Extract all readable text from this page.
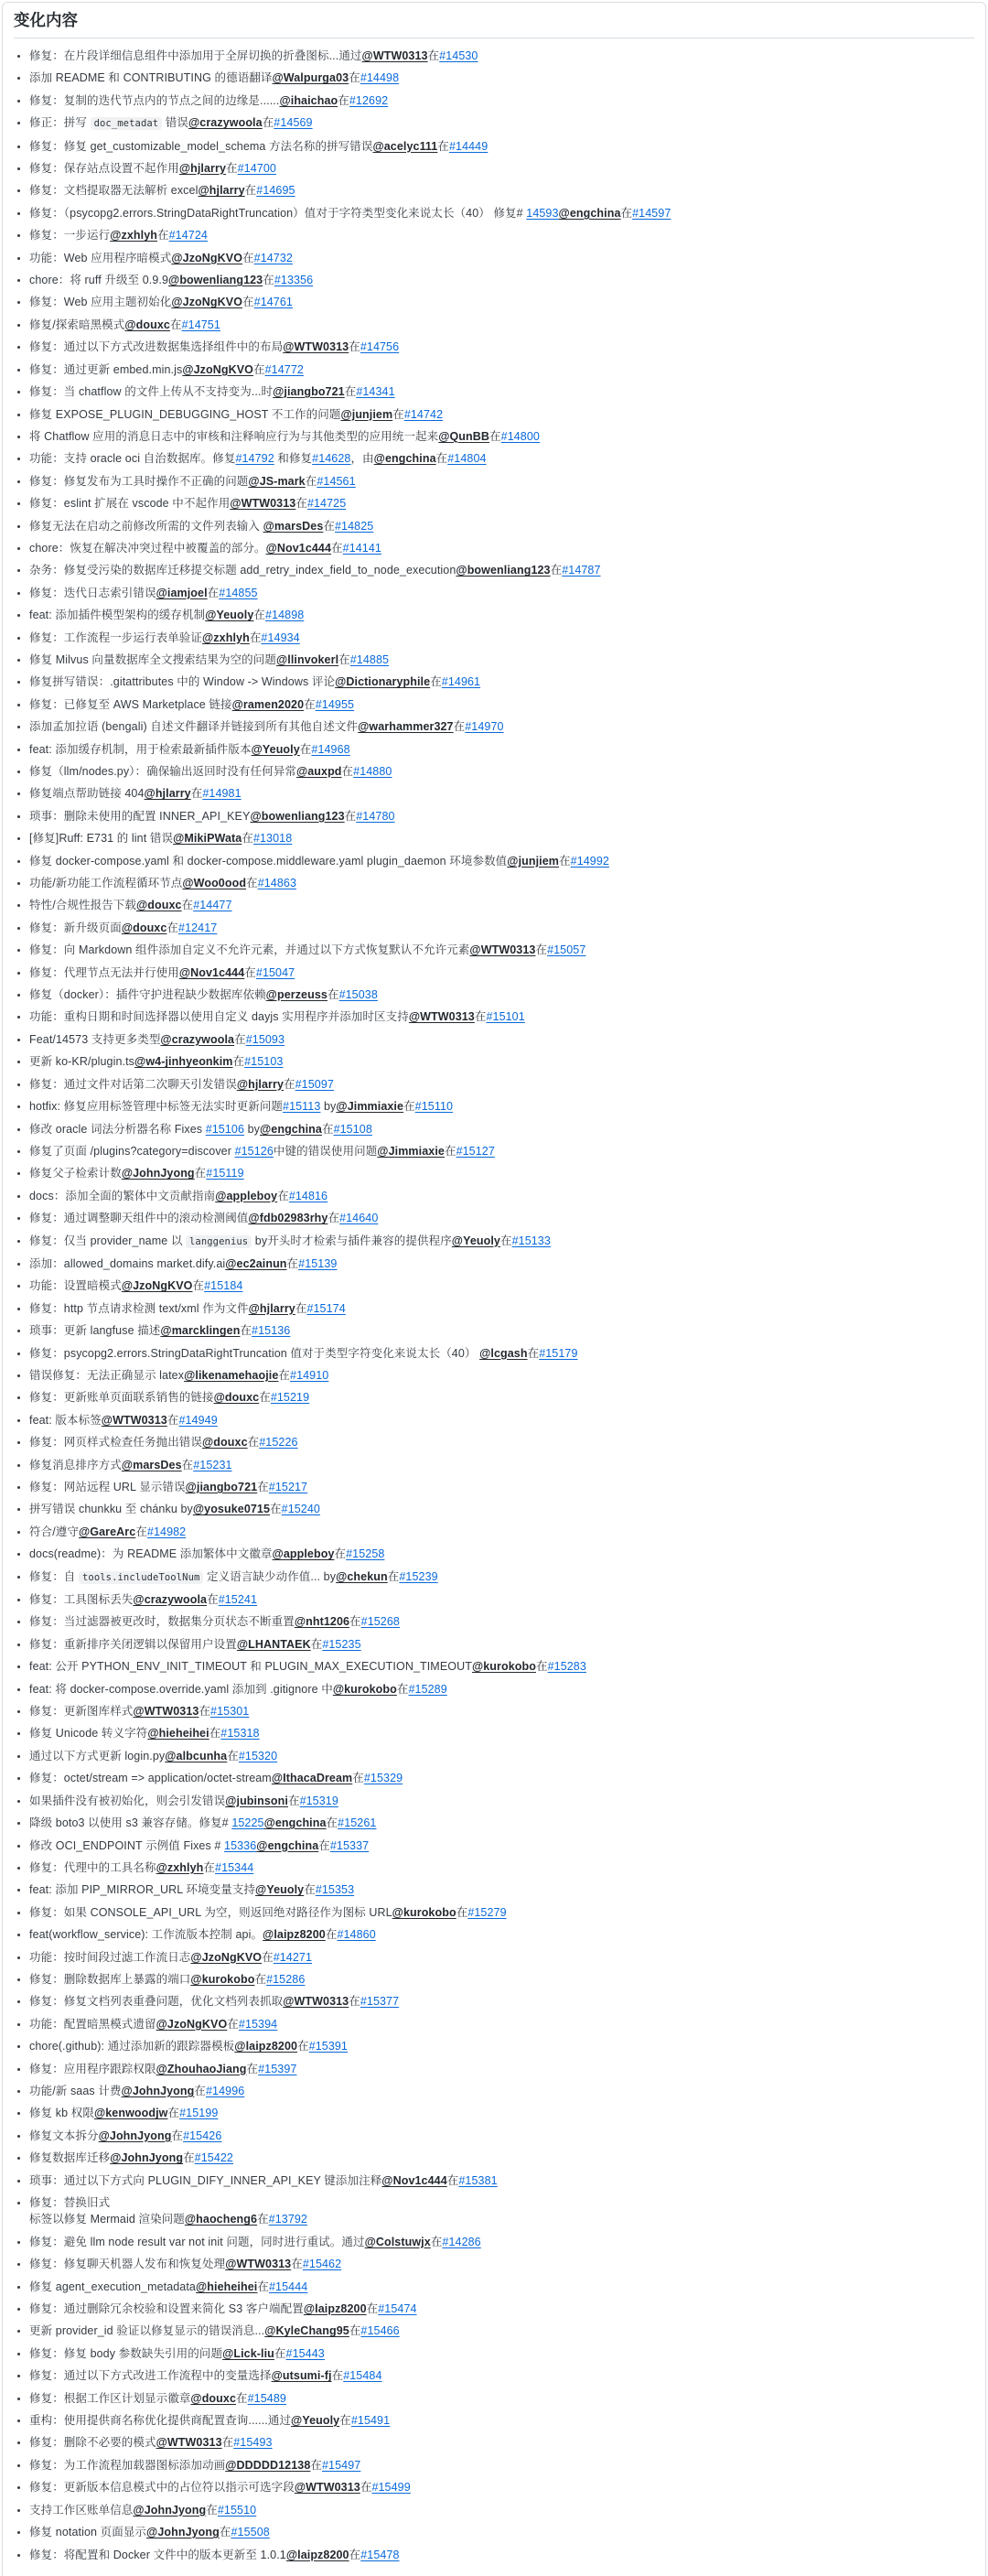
变化内容
• 修复：在片段详细信息组件中添加用于全屏切换的折叠图标...通过@WTW0313在#14530
• 添加 README 和 CONTRIBUTING 的德语翻译@Walpurga03在#14498
• 修复：复制的迭代节点内的节点之间的边缘是......@ihaichao在#12692
• 修正：拼写 doc_metadat 错误@crazywoola在#14569
• 修复：修复 get_customizable_model_schema 方法名称的拼写错误@acelyc111在#14449
• 修复：保存站点设置不起作用@hjlarry在#14700
• 修复：文档提取器无法解析 excel@hjlarry在#14695
• 修复：（psycopg2.errors.StringDataRightTruncation）值对于字符类型变化来说太长（40） 修复# 14593@engchina在#14597
• 修复：一步运行@zxhlyh在#14724
• 功能：Web 应用程序暗模式@JzoNgKVO在#14732
• chore：将 ruff 升级至 0.9.9@bowenliang123在#13356
• 修复：Web 应用主题初始化@JzoNgKVO在#14761
• 修复/探索暗黑模式@douxc在#14751
• 修复：通过以下方式改进数据集选择组件中的布局@WTW0313在#14756
• 修复：通过更新 embed.min.js@JzoNgKVO在#14772
• 修复：当 chatflow 的文件上传从不支持变为...时@jiangbo721在#14341
• 修复 EXPOSE_PLUGIN_DEBUGGING_HOST 不工作的问题@junjiem在#14742
• 将 Chatflow 应用的消息日志中的审核和注释响应行为与其他类型的应用统一起来@QunBB在#14800
• 功能：支持 oracle oci 自治数据库。修复#14792 和修复#14628，由@engchina在#14804
• 修复：修复发布为工具时操作不正确的问题@JS-mark在#14561
• 修复：eslint 扩展在 vscode 中不起作用@WTW0313在#14725
• 修复无法在启动之前修改所需的文件列表输入 @marsDes在#14825
• chore：恢复在解决冲突过程中被覆盖的部分。@Nov1c444在#14141
• 杂务：修复受污染的数据库迁移提交标题 add_retry_index_field_to_node_execution@bowenliang123在#14787
• 修复：迭代日志索引错误@iamjoel在#14855
• feat: 添加插件模型架构的缓存机制@Yeuoly在#14898
• 修复：工作流程一步运行表单验证@zxhlyh在#14934
• 修复 Milvus 向量数据库全文搜索结果为空的问题@llinvokerl在#14885
• 修复拼写错误：.gitattributes 中的 Window -> Windows 评论@Dictionaryphile在#14961
• 修复：已修复至 AWS Marketplace 链接@ramen2020在#14955
• 添加孟加拉语 (bengali) 自述文件翻译并链接到所有其他自述文件@warhammer327在#14970
• feat: 添加缓存机制，用于检索最新插件版本@Yeuoly在#14968
• 修复（llm/nodes.py）：确保输出返回时没有任何异常@auxpd在#14880
• 修复端点帮助链接 404@hjlarry在#14981
• 琐事：删除未使用的配置 INNER_API_KEY@bowenliang123在#14780
• [修复]Ruff: E731 的 lint 错误@MikiPWata在#13018
• 修复 docker-compose.yaml 和 docker-compose.middleware.yaml plugin_daemon 环境参数值@junjiem在#14992
• 功能/新功能工作流程循环节点@Woo0ood在#14863
• 特性/合规性报告下载@douxc在#14477
• 修复：新升级页面@douxc在#12417
• 修复：向 Markdown 组件添加自定义不允许元素，并通过以下方式恢复默认不允许元素@WTW0313在#15057
• 修复：代理节点无法并行使用@Nov1c444在#15047
• 修复（docker）：插件守护进程缺少数据库依赖@perzeuss在#15038
• 功能：重构日期和时间选择器以使用自定义 dayjs 实用程序并添加时区支持@WTW0313在#15101
• Feat/14573 支持更多类型@crazywoola在#15093
• 更新 ko-KR/plugin.ts@w4-jinhyeonkim在#15103
• 修复：通过文件对话第二次聊天引发错误@hjlarry在#15097
• hotfix: 修复应用标签管理中标签无法实时更新问题#15113 by@Jimmiaxie在#15110
• 修改 oracle 词法分析器名称 Fixes #15106 by@engchina在#15108
• 修复了页面 /plugins?category=discover #15126中键的错误使用问题@Jimmiaxie在#15127
• 修复父子检索计数@JohnJyong在#15119
• docs：添加全面的繁体中文贡献指南@appleboy在#14816
• 修复：通过调整聊天组件中的滚动检测阈值@fdb02983rhy在#14640
• 修复：仅当 provider_name 以 langgenius by开头时才检索与插件兼容的提供程序@Yeuoly在#15133
• 添加：allowed_domains market.dify.ai@ec2ainun在#15139
• 功能：设置暗模式@JzoNgKVO在#15184
• 修复：http 节点请求检测 text/xml 作为文件@hjlarry在#15174
• 琐事：更新 langfuse 描述@marcklingen在#15136
• 修复：psycopg2.errors.StringDataRightTruncation 值对于类型字符变化来说太长（40） @lcgash在#15179
• 错误修复：无法正确显示 latex@likenamehaojie在#14910
• 修复：更新账单页面联系销售的链接@douxc在#15219
• feat: 版本标签@WTW0313在#14949
• 修复：网页样式检查任务抛出错误@douxc在#15226
• 修复消息排序方式@marsDes在#15231
• 修复：网站远程 URL 显示错误@jiangbo721在#15217
• 拼写错误 chunkku 至 chánku by@yosuke0715在#15240
• 符合/遵守@GareArc在#14982
• docs(readme)：为 README 添加繁体中文徽章@appleboy在#15258
• 修复：自 tools.includeToolNum 定义语言缺少动作值... by@chekun在#15239
• 修复：工具图标丢失@crazywoola在#15241
• 修复：当过滤器被更改时，数据集分页状态不断重置@nht1206在#15268
• 修复：重新排序关闭逻辑以保留用户设置@LHANTAEK在#15235
• feat: 公开 PYTHON_ENV_INIT_TIMEOUT 和 PLUGIN_MAX_EXECUTION_TIMEOUT@kurokobo在#15283
• feat: 将 docker-compose.override.yaml 添加到 .gitignore 中@kurokobo在#15289
• 修复：更新图库样式@WTW0313在#15301
• 修复 Unicode 转义字符@hieheihei在#15318
• 通过以下方式更新 login.py@albcunha在#15320
• 修复：octet/stream => application/octet-stream@IthacaDream在#15329
• 如果插件没有被初始化，则会引发错误@jubinsoni在#15319
• 降级 boto3 以使用 s3 兼容存储。修复# 15225@engchina在#15261
• 修改 OCI_ENDPOINT 示例值 Fixes # 15336@engchina在#15337
• 修复：代理中的工具名称@zxhlyh在#15344
• feat: 添加 PIP_MIRROR_URL 环境变量支持@Yeuoly在#15353
• 修复：如果 CONSOLE_API_URL 为空，则返回绝对路径作为图标 URL@kurokobo在#15279
• feat(workflow_service): 工作流版本控制 api。@laipz8200在#14860
• 功能：按时间段过滤工作流日志@JzoNgKVO在#14271
• 修复：删除数据库上暴露的端口@kurokobo在#15286
• 修复：修复文档列表重叠问题，优化文档列表抓取@WTW0313在#15377
• 功能：配置暗黑模式遗留@JzoNgKVO在#15394
• chore(.github): 通过添加新的跟踪器模板@laipz8200在#15391
• 修复：应用程序跟踪权限@ZhouhaoJiang在#15397
• 功能/新 saas 计费@JohnJyong在#14996
• 修复 kb 权限@kenwoodjw在#15199
• 修复文本拆分@JohnJyong在#15426
• 修复数据库迁移@JohnJyong在#15422
• 琐事：通过以下方式向 PLUGIN_DIFY_INNER_API_KEY 键添加注释@Nov1c444在#15381
• 修复：替换旧式
标签以修复 Mermaid 渲染问题@haocheng6在#13792
• 修复：避免 llm node result var not init 问题，同时进行重试。通过@Colstuwjx在#14286
• 修复：修复聊天机器人发布和恢复处理@WTW0313在#15462
• 修复 agent_execution_metadata@hieheihei在#15444
• 修复：通过删除冗余校验和设置来简化 S3 客户端配置@laipz8200在#15474
• 更新 provider_id 验证以修复显示的错误消息...@KyleChang95在#15466
• 修复：修复 body 参数缺失引用的问题@Lick-liu在#15443
• 修复：通过以下方式改进工作流程中的变量选择@utsumi-fj在#15484
• 修复：根据工作区计划显示徽章@douxc在#15489
• 重构：使用提供商名称优化提供商配置查询......通过@Yeuoly在#15491
• 修复：删除不必要的模式@WTW0313在#15493
• 修复：为工作流程加载器图标添加动画@DDDDD12138在#15497
• 修复：更新版本信息模式中的占位符以指示可选字段@WTW0313在#15499
• 支持工作区账单信息@JohnJyong在#15510
• 修复 notation 页面显示@JohnJyong在#15508
• 修复：将配置和 Docker 文件中的版本更新至 1.0.1@laipz8200在#15478
